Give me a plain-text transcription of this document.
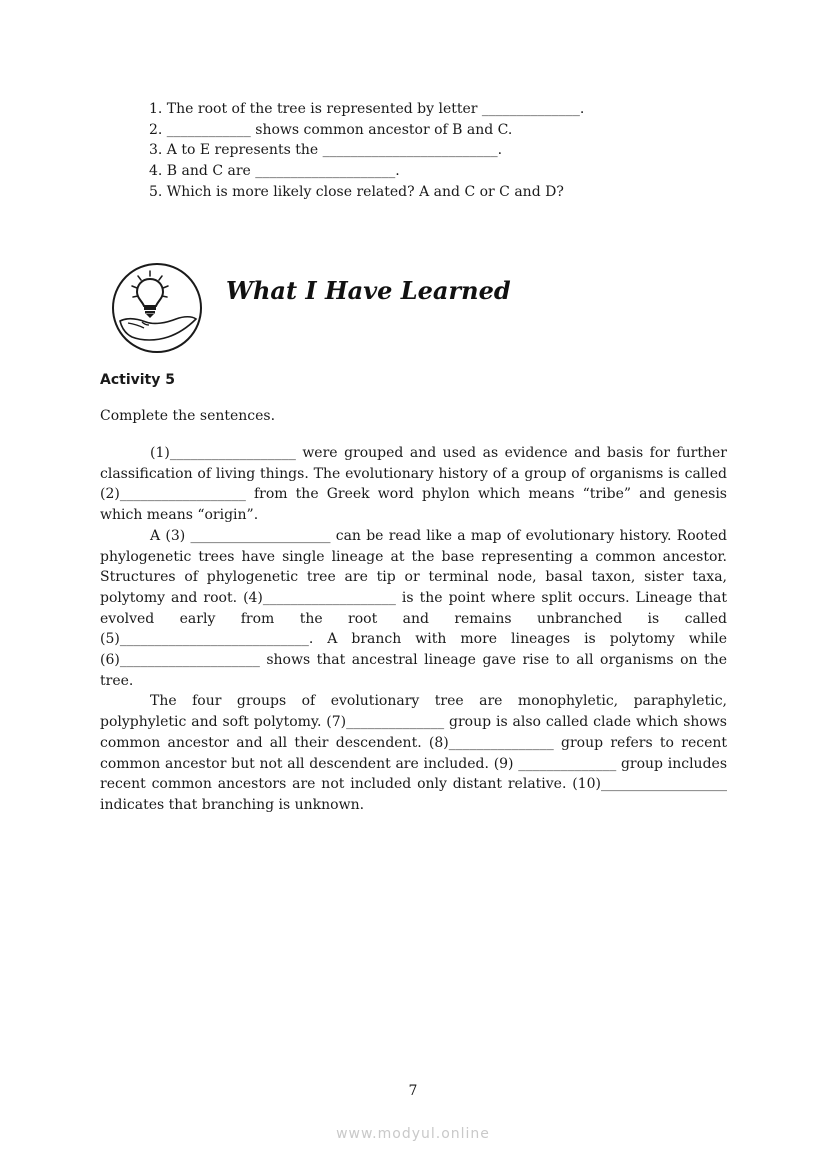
1. The root of the tree is represented by letter ______________.
2. ____________ shows common ancestor of B and C.
3. A to E represents the _________________________.
4. B and C are ____________________.
5. Which is more likely close related? A and C or C and D?
What I Have Learned
Activity 5

Complete the sentences.

(1)__________________ were grouped and used as evidence and basis for further classification of living things. The evolutionary history of a group of organisms is called (2)__________________ from the Greek word phylon which means “tribe” and genesis which means “origin”.

A (3) ____________________ can be read like a map of evolutionary history. Rooted phylogenetic trees have single lineage at the base representing a common ancestor. Structures of phylogenetic tree are tip or terminal node, basal taxon, sister taxa, polytomy and root. (4)___________________ is the point where split occurs. Lineage that evolved early from the root and remains unbranched is called (5)___________________________. A branch with more lineages is polytomy while (6)____________________ shows that ancestral lineage gave rise to all organisms on the tree.

The four groups of evolutionary tree are monophyletic, paraphyletic, polyphyletic and soft polytomy. (7)______________ group is also called clade which shows common ancestor and all their descendent. (8)_______________ group refers to recent common ancestor but not all descendent are included. (9) ______________ group includes recent common ancestors are not included only distant relative. (10)__________________ indicates that branching is unknown.

7

www.modyul.online
